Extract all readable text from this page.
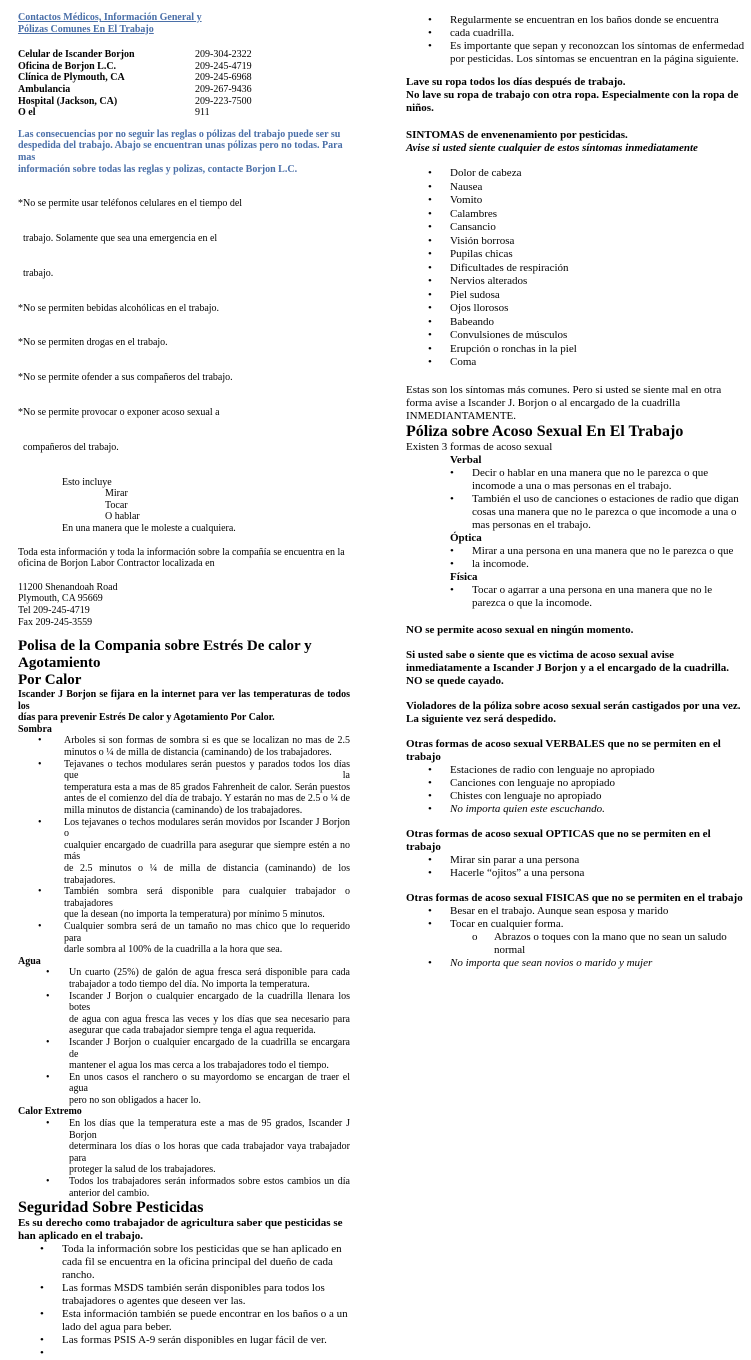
Contactos Médicos, Información General y
Pólizas Comunes En El Trabajo
Celular de Iscander Borjon	209-304-2322
Oficina de Borjon L.C.	209-245-4719
Clínica de Plymouth, CA	209-245-6968
Ambulancia	209-267-9436
Hospital (Jackson, CA)	209-223-7500
O el	911
Las consecuencias por no seguir las reglas o pólizas del trabajo puede ser su
despedida del trabajo. Abajo se encuentran unas pólizas pero no todas. Para mas
información sobre todas las reglas y polizas, contacte Borjon L.C.

*No se permite usar teléfonos celulares en el tiempo del

trabajo. Solamente que sea una emergencia en el

trabajo.

*No se permiten bebidas alcohólicas en el trabajo.

*No se permiten drogas en el trabajo.

*No se permite ofender a sus compañeros del trabajo.

*No se permite provocar o exponer acoso sexual a

compañeros del trabajo.

Esto incluye
Mirar
Tocar
O hablar
En una manera que le moleste a cualquiera.
Toda esta información y toda la información sobre la compañía se encuentra en la
oficina de Borjon Labor Contractor localizada en
11200 Shenandoah Road
Plymouth, CA 95669
Tel 209-245-4719
Fax 209-245-3559
Polisa de la Compania sobre Estrés De calor y Agotamiento
Por Calor
Iscander J Borjon se fijara en la internet para ver las temperaturas de todos los
días para prevenir Estrés De calor y Agotamiento Por Calor.
Sombra
• Arboles si son formas de sombra si es que se localizan no mas de 2.5
minutos o ¼ de milla de distancia (caminando) de los trabajadores.
• Tejavanes o techos modulares serán puestos y parados todos los días que la
temperatura esta a mas de 85 grados Fahrenheit de calor. Serán puestos
antes de el comienzo del día de trabajo. Y estarán no mas de 2.5 o ¼ de
milla minutos de distancia (caminando) de los trabajadores.
• Los tejavanes o techos modulares serán movidos por Iscander J Borjon o
cualquier encargado de cuadrilla para asegurar que siempre estén a no más
de 2.5 minutos o ¼ de milla de distancia (caminando) de los trabajadores.
• También sombra será disponible para cualquier trabajador o trabajadores
que la desean (no importa la temperatura) por mínimo 5 minutos.
• Cualquier sombra será de un tamaño no mas chico que lo requerido para
darle sombra al 100% de la cuadrilla a la hora que sea.
Agua
• Un cuarto (25%) de galón de agua fresca será disponible para cada
trabajador a todo tiempo del día. No importa la temperatura.
• Iscander J Borjon o cualquier encargado de la cuadrilla llenara los botes
de agua con agua fresca las veces y los días que sea necesario para
asegurar que cada trabajador siempre tenga el agua requerida.
• Iscander J Borjon o cualquier encargado de la cuadrilla se encargara de
mantener el agua los mas cerca a los trabajadores todo el tiempo.
• En unos casos el ranchero o su mayordomo se encargan de traer el agua
pero no son obligados a hacer lo.
Calor Extremo
• En los días que la temperatura este a mas de 95 grados, Iscander J Borjon
determinara los días o los horas que cada trabajador vaya trabajador para
proteger la salud de los trabajadores.
• Todos los trabajadores serán informados sobre estos cambios un día
anterior del cambio.
Seguridad Sobre Pesticidas
Es su derecho como trabajador de agricultura saber que pesticidas se
han aplicado en el trabajo.
• Toda la información sobre los pesticidas que se han aplicado en
cada fil se encuentra en la oficina principal del dueño de cada
rancho.
• Las formas MSDS también serán disponibles para todos los
trabajadores o agentes que deseen ver las.
• Esta información también se puede encontrar en los baños o a un
lado del agua para beber.
• Las formas PSIS A-9 serán disponibles en lugar fácil de ver.
•

• Regularmente se encuentran en los baños donde se encuentra
• cada cuadrilla.
• Es importante que sepan y reconozcan los síntomas de enfermedad
por pesticidas. Los síntomas se encuentran en la página siguiente.
Lave su ropa todos los días después de trabajo.
No lave su ropa de trabajo con otra ropa. Especialmente con la ropa de
niños.
SINTOMAS de envenenamiento por pesticidas.
Avise si usted siente cualquier de estos síntomas inmediatamente
• Dolor de cabeza
• Nausea
• Vomito
• Calambres
• Cansancio
• Visión borrosa
• Pupilas chicas
• Dificultades de respiración
• Nervios alterados
• Piel sudosa
• Ojos llorosos
• Babeando
• Convulsiones de músculos
• Erupción o ronchas in la piel
• Coma
Estas son los síntomas más comunes. Pero si usted se siente mal en otra
forma avise a Iscander J. Borjon o al encargado de la cuadrilla
INMEDIANTAMENTE.
Póliza sobre Acoso Sexual En El Trabajo
Existen 3 formas de acoso sexual
Verbal
• Decir o hablar en una manera que no le parezca o que
incomode a una o mas personas en el trabajo.
• También el uso de canciones o estaciones de radio que digan
cosas una manera que no le parezca o que incomode a una o
mas personas en el trabajo.
Óptica
• Mirar a una persona en una manera que no le parezca o que
• la incomode.
Física
• Tocar o agarrar a una persona en una manera que no le
parezca o que la incomode.
NO se permite acoso sexual en ningún momento.
Si usted sabe o siente que es victima de acoso sexual avise
inmediatamente a Iscander J Borjon y a el encargado de la cuadrilla.
NO se quede cayado.
Violadores de la póliza sobre acoso sexual serán castigados por una vez.
La siguiente vez será despedido.
Otras formas de acoso sexual VERBALES que no se permiten en el
trabajo
• Estaciones de radio con lenguaje no apropiado
• Canciones con lenguaje no apropiado
• Chistes con lenguaje no apropiado
• No importa quien este escuchando.
Otras formas de acoso sexual OPTICAS que no se permiten en el trabajo
• Mirar sin parar a una persona
• Hacerle “ojitos” a una persona
Otras formas de acoso sexual FISICAS que no se permiten en el trabajo
• Besar en el trabajo. Aunque sean esposa y marido
• Tocar en cualquier forma.
o Abrazos o toques con la mano que no sean un saludo
normal
• No importa que sean novios o marido y mujer
